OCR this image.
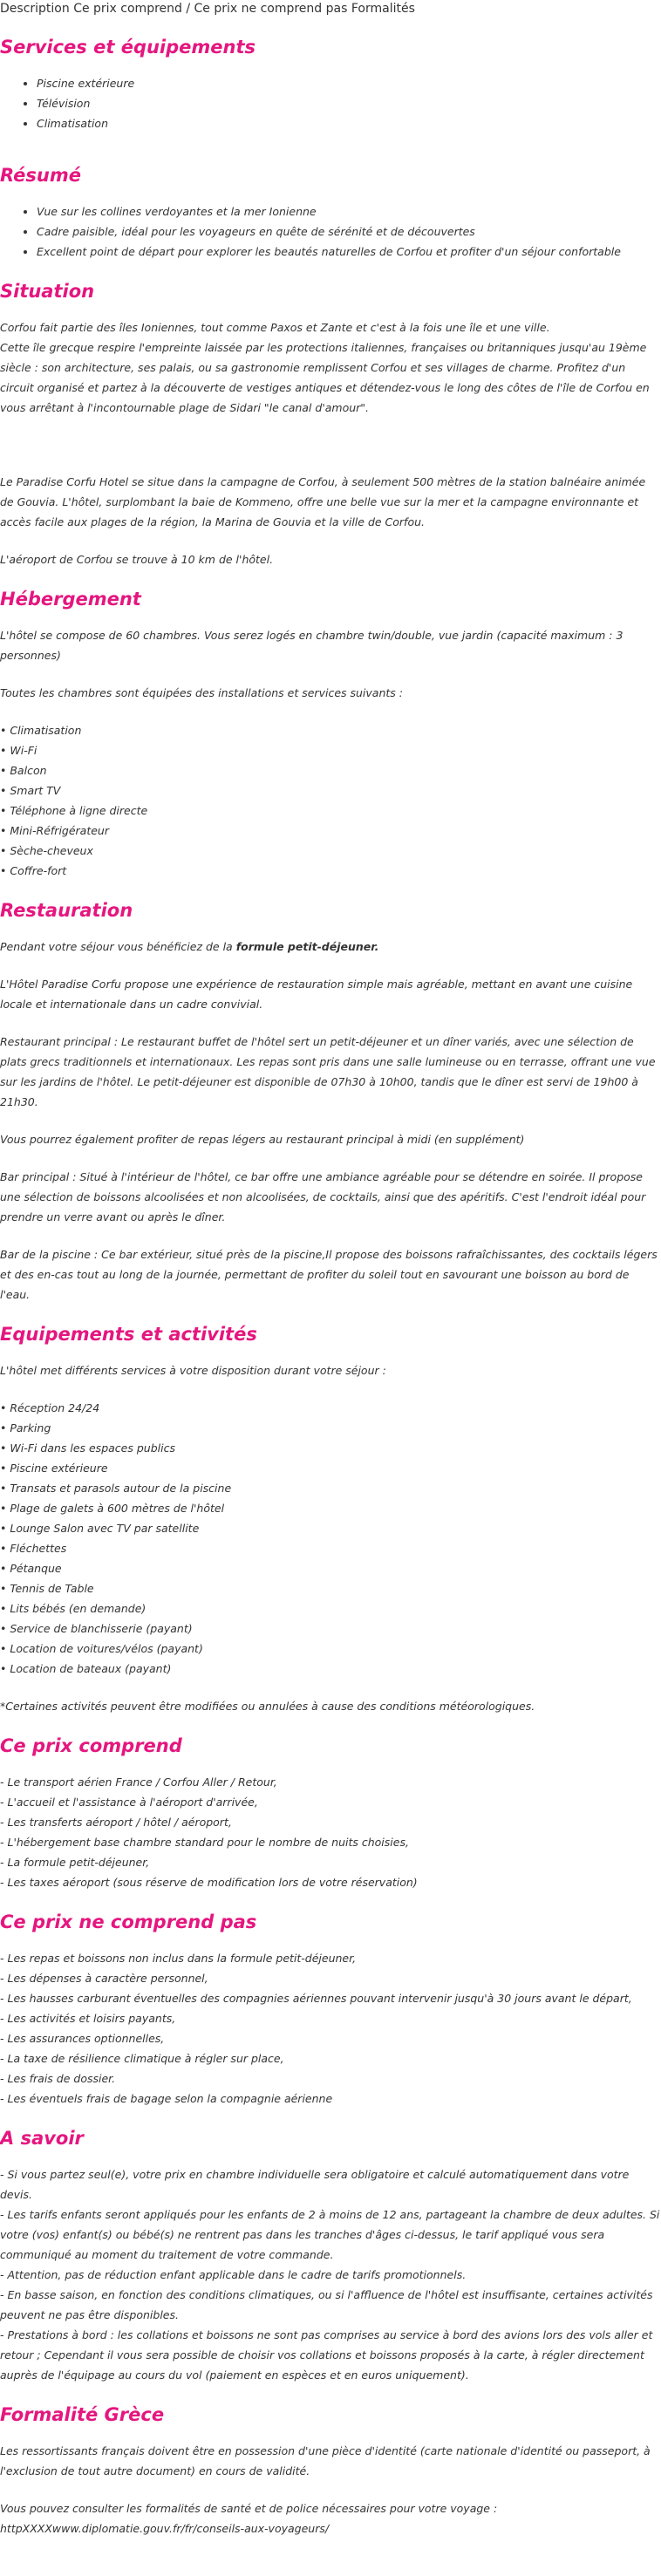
Description Ce prix comprend / Ce prix ne comprend pas Formalités
Services et équipements
• Piscine extérieure
• Télévision
• Climatisation
Résumé
• Vue sur les collines verdoyantes et la mer Ionienne
• Cadre paisible, idéal pour les voyageurs en quête de sérénité et de découvertes
• Excellent point de départ pour explorer les beautés naturelles de Corfou et profiter d'un séjour confortable
Situation

Corfou fait partie des îles Ioniennes, tout comme Paxos et Zante et c'est à la fois une île et une ville.

Cette île grecque respire l'empreinte laissée par les protections italiennes, françaises ou britanniques jusqu'au 19ème siècle : son architecture, ses palais, ou sa gastronomie remplissent Corfou et ses villages de charme. Profitez d'un circuit organisé et partez à la découverte de vestiges antiques et détendez-vous le long des côtes de l'île de Corfou en vous arrêtant à l'incontournable plage de Sidari "le canal d'amour".

Le Paradise Corfu Hotel se situe dans la campagne de Corfou, à seulement 500 mètres de la station balnéaire animée de Gouvia. L'hôtel, surplombant la baie de Kommeno, offre une belle vue sur la mer et la campagne environnante et accès facile aux plages de la région, la Marina de Gouvia et la ville de Corfou.

L'aéroport de Corfou se trouve à 10 km de l'hôtel.

Hébergement

L'hôtel se compose de 60 chambres. Vous serez logés en chambre twin/double, vue jardin (capacité maximum : 3 personnes)

Toutes les chambres sont équipées des installations et services suivants :

• Climatisation
• Wi-Fi
• Balcon
• Smart TV
• Téléphone à ligne directe
• Mini-Réfrigérateur
• Sèche-cheveux
• Coffre-fort
Restauration

Pendant votre séjour vous bénéficiez de la formule petit-déjeuner.

L'Hôtel Paradise Corfu propose une expérience de restauration simple mais agréable, mettant en avant une cuisine locale et internationale dans un cadre convivial.

Restaurant principal : Le restaurant buffet de l'hôtel sert un petit-déjeuner et un dîner variés, avec une sélection de plats grecs traditionnels et internationaux. Les repas sont pris dans une salle lumineuse ou en terrasse, offrant une vue sur les jardins de l'hôtel. Le petit-déjeuner est disponible de 07h30 à 10h00, tandis que le dîner est servi de 19h00 à 21h30.

Vous pourrez également profiter de repas légers au restaurant principal à midi (en supplément)

Bar principal : Situé à l'intérieur de l'hôtel, ce bar offre une ambiance agréable pour se détendre en soirée. Il propose une sélection de boissons alcoolisées et non alcoolisées, de cocktails, ainsi que des apéritifs. C'est l'endroit idéal pour prendre un verre avant ou après le dîner.

Bar de la piscine : Ce bar extérieur, situé près de la piscine,Il propose des boissons rafraîchissantes, des cocktails légers et des en-cas tout au long de la journée, permettant de profiter du soleil tout en savourant une boisson au bord de l'eau.

Equipements et activités

L'hôtel met différents services à votre disposition durant votre séjour :

• Réception 24/24
• Parking
• Wi-Fi dans les espaces publics
• Piscine extérieure
• Transats et parasols autour de la piscine
• Plage de galets à 600 mètres de l'hôtel
• Lounge Salon avec TV par satellite
• Fléchettes
• Pétanque
• Tennis de Table
• Lits bébés (en demande)
• Service de blanchisserie (payant)
• Location de voitures/vélos (payant)
• Location de bateaux (payant)

*Certaines activités peuvent être modifiées ou annulées à cause des conditions météorologiques.

Ce prix comprend

- Le transport aérien France / Corfou Aller / Retour,

- L'accueil et l'assistance à l'aéroport d'arrivée,

- Les transferts aéroport / hôtel / aéroport,

- L'hébergement base chambre standard pour le nombre de nuits choisies,

- La formule petit-déjeuner,

- Les taxes aéroport (sous réserve de modification lors de votre réservation)

Ce prix ne comprend pas

- Les repas et boissons non inclus dans la formule petit-déjeuner,

- Les dépenses à caractère personnel,

- Les hausses carburant éventuelles des compagnies aériennes pouvant intervenir jusqu'à 30 jours avant le départ,

- Les activités et loisirs payants,

- Les assurances optionnelles,

- La taxe de résilience climatique à régler sur place,

- Les frais de dossier.

- Les éventuels frais de bagage selon la compagnie aérienne

A savoir

- Si vous partez seul(e), votre prix en chambre individuelle sera obligatoire et calculé automatiquement dans votre devis.

- Les tarifs enfants seront appliqués pour les enfants de 2 à moins de 12 ans, partageant la chambre de deux adultes. Si votre (vos) enfant(s) ou bébé(s) ne rentrent pas dans les tranches d'âges ci-dessus, le tarif appliqué vous sera communiqué au moment du traitement de votre commande.

- Attention, pas de réduction enfant applicable dans le cadre de tarifs promotionnels.

- En basse saison, en fonction des conditions climatiques, ou si l'affluence de l'hôtel est insuffisante, certaines activités peuvent ne pas être disponibles.

- Prestations à bord : les collations et boissons ne sont pas comprises au service à bord des avions lors des vols aller et retour ; Cependant il vous sera possible de choisir vos collations et boissons proposés à la carte, à régler directement auprès de l'équipage au cours du vol (paiement en espèces et en euros uniquement).

Formalité Grèce

Les ressortissants français doivent être en possession d'une pièce d'identité (carte nationale d'identité ou passeport, à l'exclusion de tout autre document) en cours de validité.

Vous pouvez consulter les formalités de santé et de police nécessaires pour votre voyage :

httpXXXXwww.diplomatie.gouv.fr/fr/conseils-aux-voyageurs/
